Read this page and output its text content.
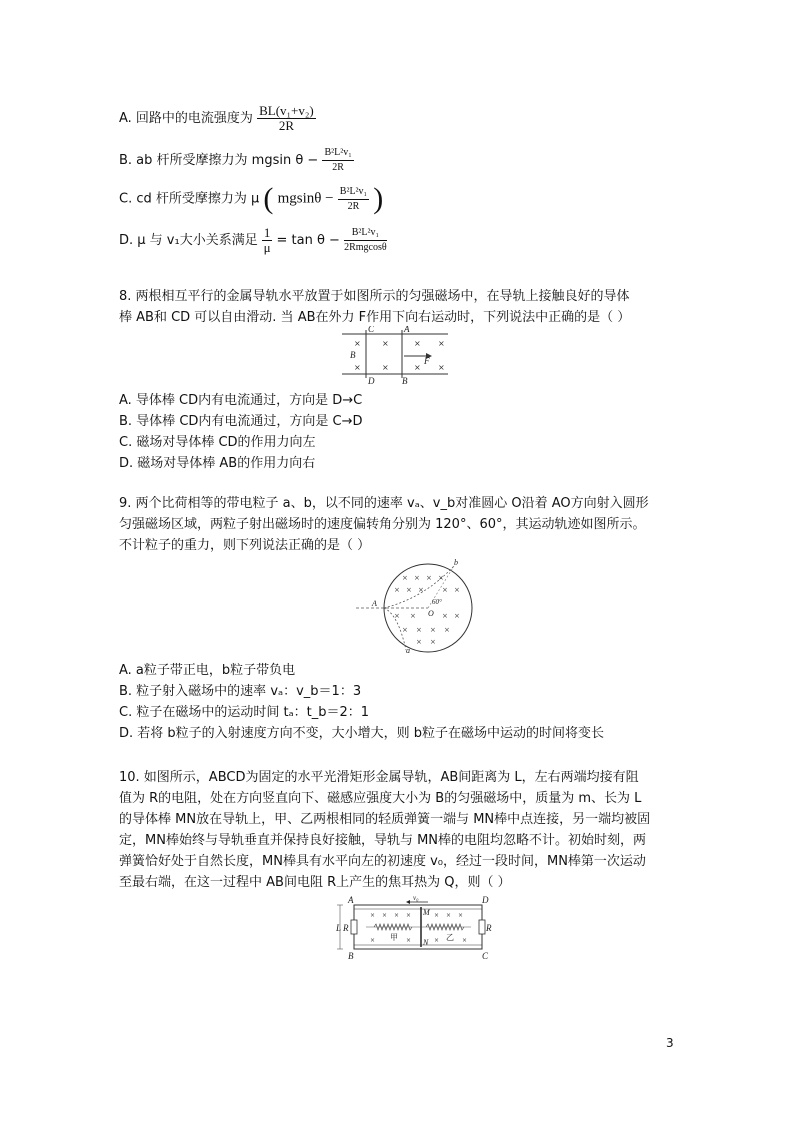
A. 回路中的电流强度为 $\frac{\text{BL(v₁+v₂)}}{2R}$
B. ab 杆所受摩擦力为 mgsin $\theta - \frac{\text{B²L²v₁}}{2R}$
C. cd 杆所受摩擦力为 μ ( $mgsin\theta - \frac{\text{B²L²v₁}}{2R}$ )
D. μ 与 v₁大小关系满足 $\frac{1}{\mu} = \tan \theta - \frac{\text{B²L²v₁}}{\text{2Rmgcosθ}}$
8. 两根相互平行的金属导轨水平放置于如图所示的匀强磁场中，在导轨上接触良好的导体
棒 AB和 CD 可以自由滑动. 当 AB在外力 F作用下向右运动时，下列说法中正确的是（ ）
C	A
B
F
D	B
×	×	× ×
×
×	× ×
A. 导体棒 CD内有电流通过，方向是 D→C
B. 导体棒 CD内有电流通过，方向是 C→D
C. 磁场对导体棒 CD的作用力向左
D. 磁场对导体棒 AB的作用力向右
9. 两个比荷相等的带电粒子 a、b，以不同的速率 vₐ、v_b对准圆心 O沿着 AO方向射入圆形
匀强磁场区域，两粒子射出磁场时的速度偏转角分别为 120°、60°，其运动轨迹如图所示。
不计粒子的重力，则下列说法正确的是（ ）
A
O
a
b
60°
× × × ×
× × ×	× ×
× ×	× ×
× × × ×
× ×
A. a粒子带正电，b粒子带负电
B. 粒子射入磁场中的速率 vₐ：v_b＝1：3
C. 粒子在磁场中的运动时间 tₐ：t_b＝2：1
D. 若将 b粒子的入射速度方向不变，大小增大，则 b粒子在磁场中运动的时间将变长
10. 如图所示，ABCD为固定的水平光滑矩形金属导轨，AB间距离为 L，左右两端均接有阻
值为 R的电阻，处在方向竖直向下、磁感应强度大小为 B的匀强磁场中，质量为 m、长为 L
的导体棒 MN放在导轨上，甲、乙两根相同的轻质弹簧一端与 MN棒中点连接，另一端均被固
定，MN棒始终与导轨垂直并保持良好接触，导轨与 MN棒的电阻均忽略不计。初始时刻，两
弹簧恰好处于自然长度，MN棒具有水平向左的初速度 v₀，经过一段时间，MN棒第一次运动
至最右端，在这一过程中 AB间电阻 R上产生的焦耳热为 Q，则（ ）
A
B	C
D
L R	R
M
N
v₀
甲	乙
× × × ×	× × ×
×	×	×	×
3
